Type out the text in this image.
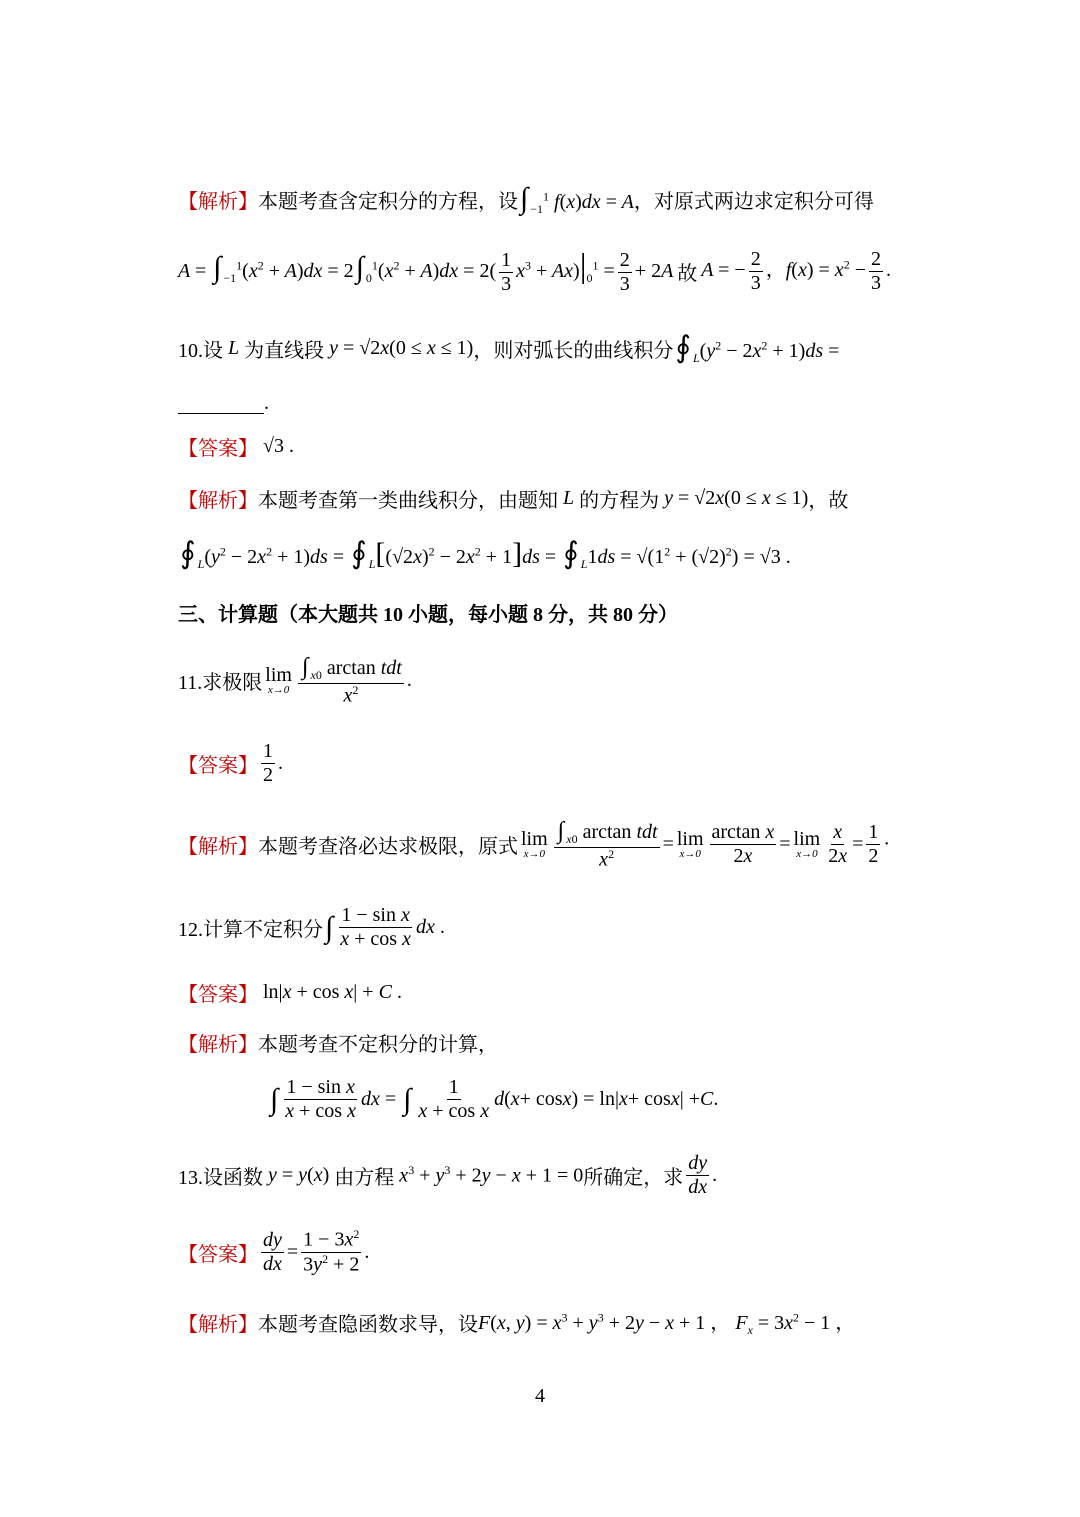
【解析】 本题考查含定积分的方程，设 ∫ $_{-1}^1$ f(x)dx = A ，对原式两边求定积分可得
A = ∫ $_{-1}^1(x^2 + A)dx = 2\int$ $_0^1(x^2 + A)dx = 2( \frac{1}{3} x^3 + Ax)|_0^1 = \frac{2}{3} + 2A$ 故 A = − $\frac{2}{3}$ ，$f(x) = x^2 - \frac{2}{3}$ .
10.设 L 为直线段 y = √2x(0 ≤ x ≤ 1) ，则对弧长的曲线积分 ∮ $_L(y^2 - 2x^2 + 1)ds$ =
.
【答案】 √3 .
【解析】 本题考查第一类曲线积分，由题知 L 的方程为 y = √2x(0 ≤ x ≤ 1) ，故
∮ $_L(y^2 - 2x^2 + 1)ds$ = ∮ $_L[(√2x)^2 - 2x^2 + 1]ds$ = ∮ $_L1ds = √(1^2 + (√2)^2) = √3$ .
三、计算题（本大题共 10 小题，每小题 8 分，共 80 分）
11.求极限 lim
$x\to 0 \frac{\int _{x0} \arctan tdt}{x^2}$ .
【答案】 $\frac{1}{2}$ .
【解析】 本题考查洛必达求极限，原式 lim
$x\to 0 \frac{\int _{x0} \arctan tdt}{x^2} = \lim$
$x\to 0 \frac{\text{arctan x}}{2x} = \lim$
$x\to 0 \frac{x}{2x} = \frac{1}{2}$ ·
12.计算不定积分 ∫ $\frac{\text{1 − sin x}}{\text{x + cos x}}$ dx .
【答案】 ln|x + cos x| + C .
【解析】 本题考查不定积分的计算，
∫ $\frac{\text{1 − sin x}}{\text{x + cos x}}$ dx = ∫ $\frac{1}{\text{x + cos x}}$ d ( x + cos x ) = ln| x + cos x | + C .
13.设函数 y = y(x) 由方程 $x^3 + y^3 + 2y - x + 1 = 0$ 所确定，求 $\frac{dy}{dx}$ .
【答案】 $\frac{dy}{dx} = \frac{1 - 3x^2}{3y^2 + 2}$ .
【解析】 本题考查隐函数求导，设 F(x, $y) = x^3 + y^3 + 2y - x + 1$ ， $F_x = 3x^2 - 1$ ，
4
